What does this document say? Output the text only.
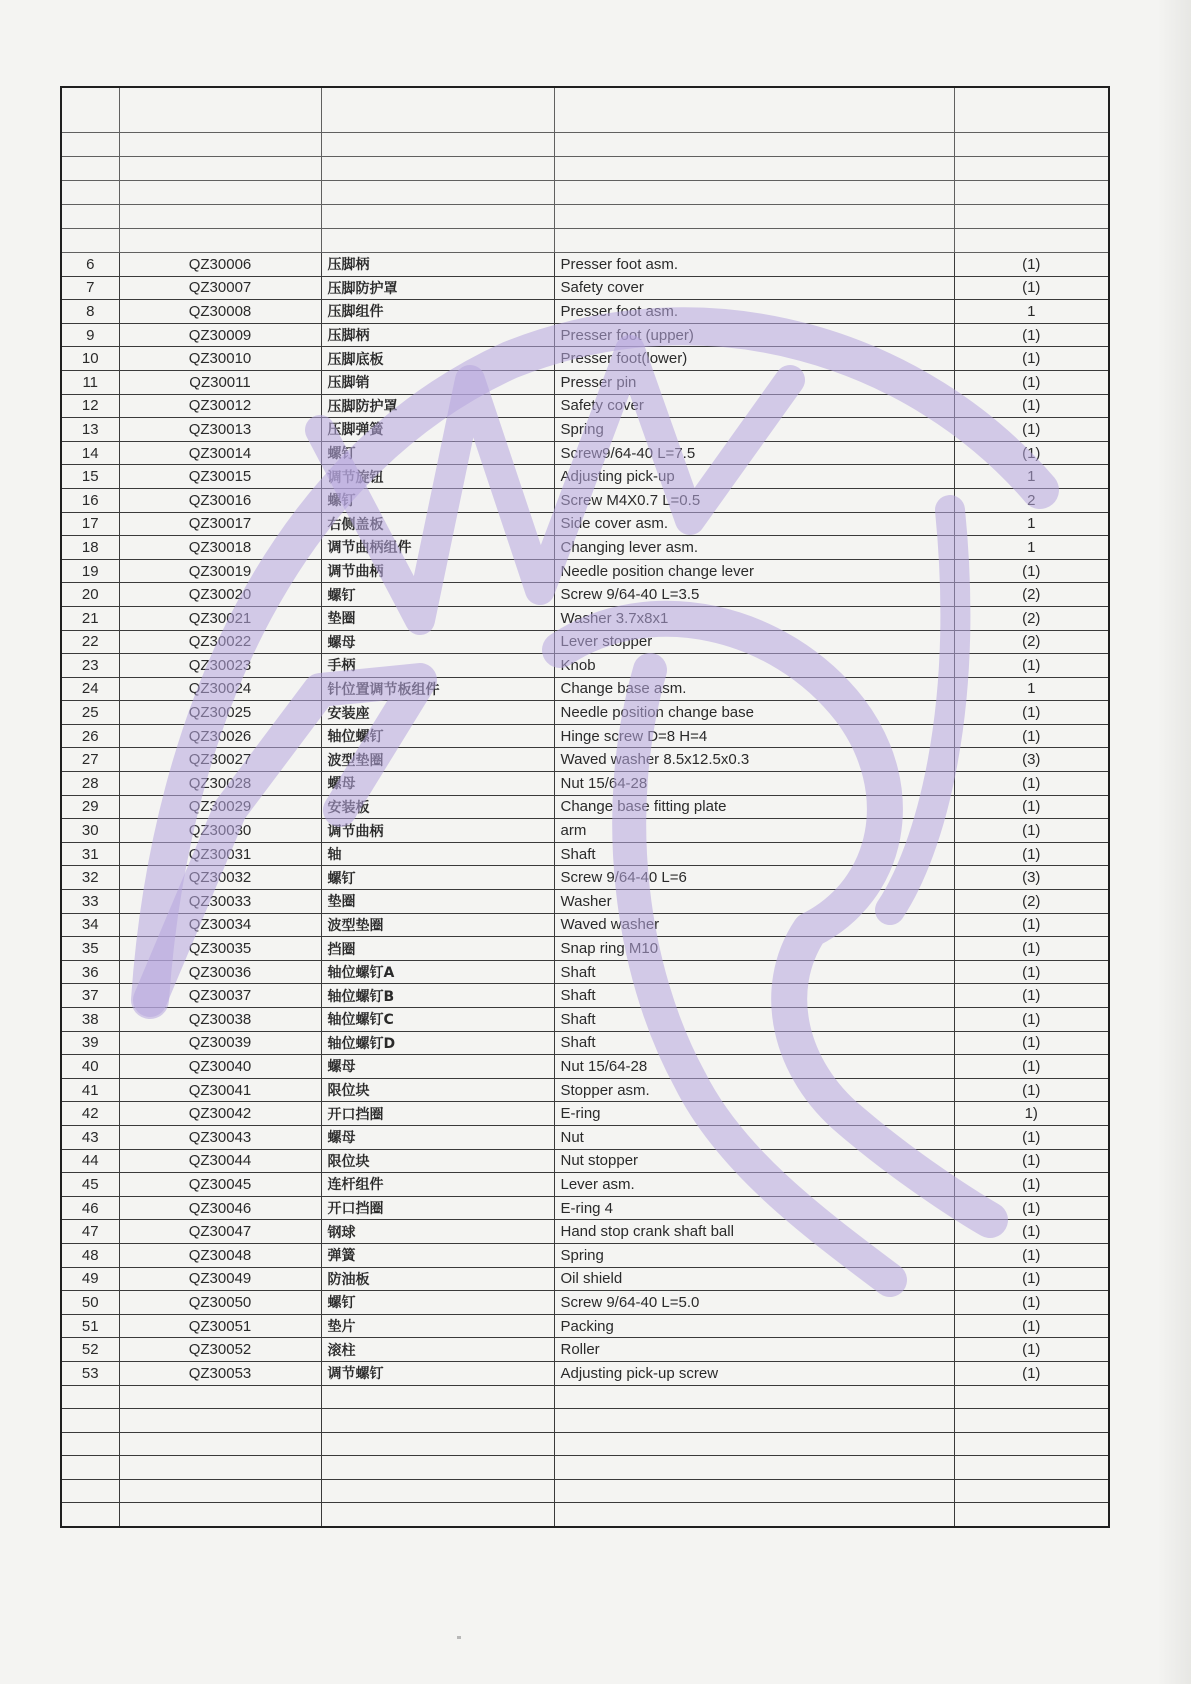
6	QZ30006	压脚柄	Presser foot asm.	(1)
7	QZ30007	压脚防护罩	Safety cover	(1)
8	QZ30008	压脚组件	Presser foot asm.	1
9	QZ30009	压脚柄	Presser foot (upper)	(1)
10	QZ30010	压脚底板	Presser foot(lower)	(1)
11	QZ30011	压脚销	Presser pin	(1)
12	QZ30012	压脚防护罩	Safety cover	(1)
13	QZ30013	压脚弹簧	Spring	(1)
14	QZ30014	螺钉	Screw9/64-40 L=7.5	(1)
15	QZ30015	调节旋钮	Adjusting pick-up	1
16	QZ30016	螺钉	Screw M4X0.7 L=0.5	2
17	QZ30017	右侧盖板	Side cover asm.	1
18	QZ30018	调节曲柄组件	Changing lever asm.	1
19	QZ30019	调节曲柄	Needle position change lever	(1)
20	QZ30020	螺钉	Screw 9/64-40 L=3.5	(2)
21	QZ30021	垫圈	Washer 3.7x8x1	(2)
22	QZ30022	螺母	Lever stopper	(2)
23	QZ30023	手柄	Knob	(1)
24	QZ30024	针位置调节板组件	Change base asm.	1
25	QZ30025	安装座	Needle position change base	(1)
26	QZ30026	轴位螺钉	Hinge screw D=8 H=4	(1)
27	QZ30027	波型垫圈	Waved washer 8.5x12.5x0.3	(3)
28	QZ30028	螺母	Nut 15/64-28	(1)
29	QZ30029	安装板	Change base fitting plate	(1)
30	QZ30030	调节曲柄	arm	(1)
31	QZ30031	轴	Shaft	(1)
32	QZ30032	螺钉	Screw 9/64-40 L=6	(3)
33	QZ30033	垫圈	Washer	(2)
34	QZ30034	波型垫圈	Waved washer	(1)
35	QZ30035	挡圈	Snap ring M10	(1)
36	QZ30036	轴位螺钉A	Shaft	(1)
37	QZ30037	轴位螺钉B	Shaft	(1)
38	QZ30038	轴位螺钉C	Shaft	(1)
39	QZ30039	轴位螺钉D	Shaft	(1)
40	QZ30040	螺母	Nut 15/64-28	(1)
41	QZ30041	限位块	Stopper asm.	(1)
42	QZ30042	开口挡圈	E-ring	1)
43	QZ30043	螺母	Nut	(1)
44	QZ30044	限位块	Nut stopper	(1)
45	QZ30045	连杆组件	Lever asm.	(1)
46	QZ30046	开口挡圈	E-ring 4	(1)
47	QZ30047	钢球	Hand stop crank shaft ball	(1)
48	QZ30048	弹簧	Spring	(1)
49	QZ30049	防油板	Oil shield	(1)
50	QZ30050	螺钉	Screw 9/64-40 L=5.0	(1)
51	QZ30051	垫片	Packing	(1)
52	QZ30052	滚柱	Roller	(1)
53	QZ30053	调节螺钉	Adjusting pick-up screw	(1)
